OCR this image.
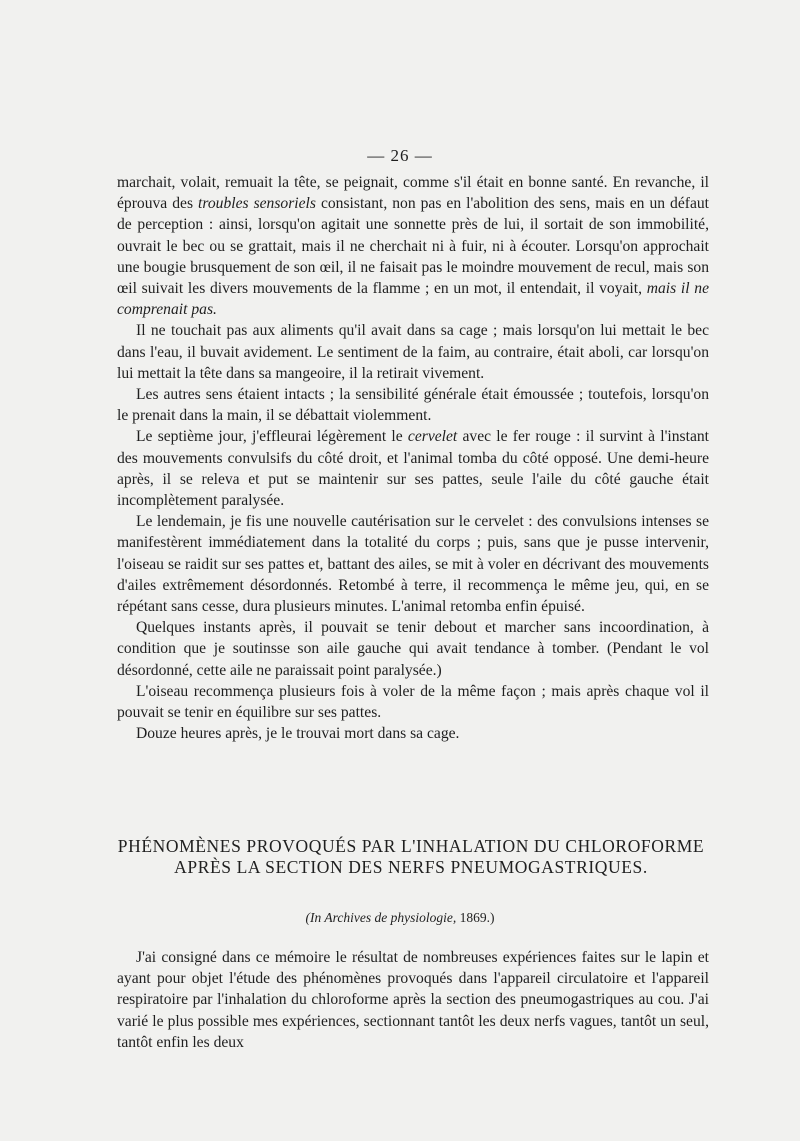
— 26 —

marchait, volait, remuait la tête, se peignait, comme s'il était en bonne santé. En revanche, il éprouva des troubles sensoriels consistant, non pas en l'abolition des sens, mais en un défaut de perception : ainsi, lorsqu'on agitait une sonnette près de lui, il sortait de son immobilité, ouvrait le bec ou se grattait, mais il ne cherchait ni à fuir, ni à écouter. Lorsqu'on approchait une bougie brusquement de son œil, il ne faisait pas le moindre mouvement de recul, mais son œil suivait les divers mouvements de la flamme ; en un mot, il entendait, il voyait, mais il ne comprenait pas.

Il ne touchait pas aux aliments qu'il avait dans sa cage ; mais lorsqu'on lui mettait le bec dans l'eau, il buvait avidement. Le sentiment de la faim, au contraire, était aboli, car lorsqu'on lui mettait la tête dans sa mangeoire, il la retirait vivement.

Les autres sens étaient intacts ; la sensibilité générale était émoussée ; toutefois, lorsqu'on le prenait dans la main, il se débattait violemment.

Le septième jour, j'effleurai légèrement le cervelet avec le fer rouge : il survint à l'instant des mouvements convulsifs du côté droit, et l'animal tomba du côté opposé. Une demi-heure après, il se releva et put se maintenir sur ses pattes, seule l'aile du côté gauche était incomplètement paralysée.

Le lendemain, je fis une nouvelle cautérisation sur le cervelet : des convulsions intenses se manifestèrent immédiatement dans la totalité du corps ; puis, sans que je pusse intervenir, l'oiseau se raidit sur ses pattes et, battant des ailes, se mit à voler en décrivant des mouvements d'ailes extrêmement désordonnés. Retombé à terre, il recommença le même jeu, qui, en se répétant sans cesse, dura plusieurs minutes. L'animal retomba enfin épuisé.

Quelques instants après, il pouvait se tenir debout et marcher sans incoordination, à condition que je soutinsse son aile gauche qui avait tendance à tomber. (Pendant le vol désordonné, cette aile ne paraissait point paralysée.)

L'oiseau recommença plusieurs fois à voler de la même façon ; mais après chaque vol il pouvait se tenir en équilibre sur ses pattes.

Douze heures après, je le trouvai mort dans sa cage.

PHÉNOMÈNES PROVOQUÉS PAR L'INHALATION DU CHLOROFORME APRÈS LA SECTION DES NERFS PNEUMOGASTRIQUES.
(In Archives de physiologie, 1869.)

J'ai consigné dans ce mémoire le résultat de nombreuses expériences faites sur le lapin et ayant pour objet l'étude des phénomènes provoqués dans l'appareil circulatoire et l'appareil respiratoire par l'inhalation du chloroforme après la section des pneumogastriques au cou. J'ai varié le plus possible mes expériences, sectionnant tantôt les deux nerfs vagues, tantôt un seul, tantôt enfin les deux
